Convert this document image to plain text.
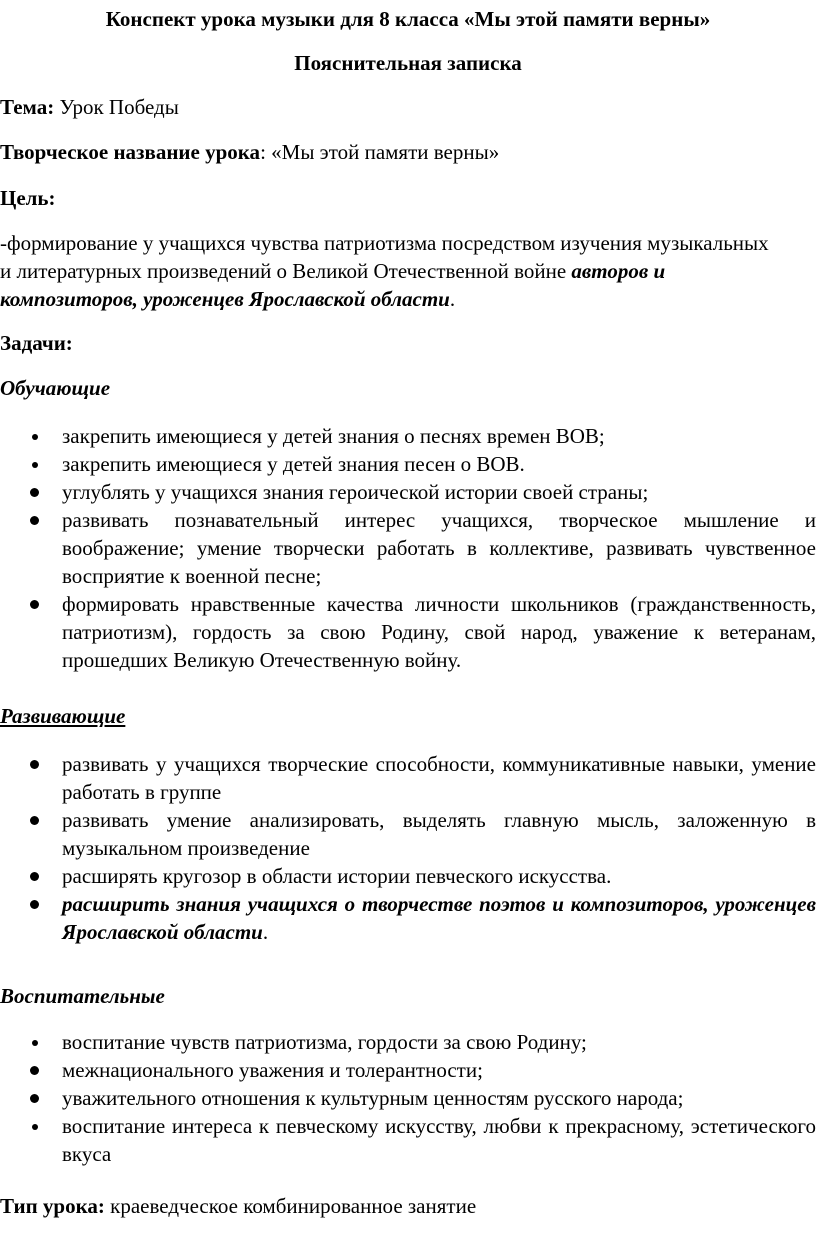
Конспект урока музыки для 8 класса «Мы этой памяти верны»

Пояснительная записка

Тема: Урок Победы

Творческое название урока: «Мы этой памяти верны»

Цель:

-формирование у учащихся чувства патриотизма посредством изучения музыкальных и литературных произведений о Великой Отечественной войне авторов и композиторов, уроженцев Ярославской области.

Задачи:

Обучающие

закрепить имеющиеся у детей знания о песнях времен ВОВ;
закрепить имеющиеся у детей знания песен о ВОВ.
углублять у учащихся знания героической истории своей страны;
развивать познавательный интерес учащихся, творческое мышление и воображение; умение творчески работать в коллективе, развивать чувственное восприятие к военной песне;
формировать нравственные качества личности школьников (гражданственность, патриотизм), гордость за свою Родину, свой народ, уважение к ветеранам, прошедших Великую Отечественную войну.

Развивающие

развивать у учащихся творческие способности, коммуникативные навыки, умение работать в группе
развивать умение анализировать, выделять главную мысль, заложенную в музыкальном произведение
расширять кругозор в области истории певческого искусства.
расширить знания учащихся о творчестве поэтов и композиторов, уроженцев Ярославской области.

Воспитательные

воспитание чувств патриотизма, гордости за свою Родину;
межнационального уважения и толерантности;
уважительного отношения к культурным ценностям русского народа;
воспитание интереса к певческому искусству, любви к прекрасному, эстетического вкуса

Тип урока: краеведческое комбинированное занятие
